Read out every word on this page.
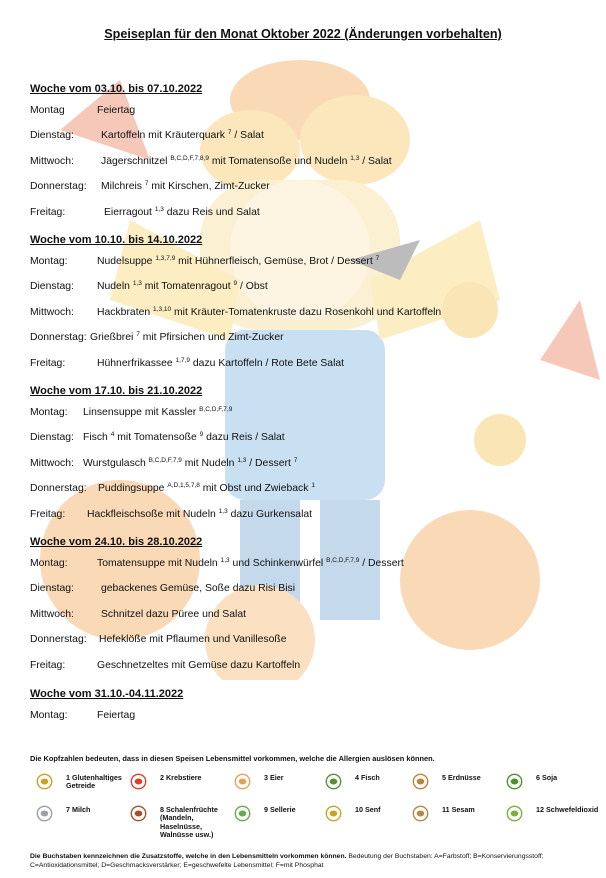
Speiseplan für den Monat Oktober 2022 (Änderungen vorbehalten)
Woche vom 03.10. bis 07.10.2022
Montag	Feiertag
Dienstag:	Kartoffeln mit Kräuterquark $^7$ / Salat
Mittwoch:	Jägerschnitzel $^{B,C,D,F,7,8,9}$ mit Tomatensoße und Nudeln $^{1,3}$ / Salat
Donnerstag: Milchreis $^7$ mit Kirschen, Zimt-Zucker
Freitag:	Eierragout $^{1,3}$ dazu Reis und Salat
Woche vom 10.10. bis 14.10.2022
Montag:	Nudelsuppe $^{1,3,7,9}$ mit Hühnerfleisch, Gemüse, Brot / Dessert $^7$
Dienstag: Nudeln $^{1,3}$ mit Tomatenragout $^9$ / Obst
Mittwoch: Hackbraten $^{1,3,10}$ mit Kräuter-Tomatenkruste dazu Rosenkohl und Kartoffeln
Donnerstag: Grießbrei $^7$ mit Pfirsichen und Zimt-Zucker
Freitag:	Hühnerfrikassee $^{1,7,9}$ dazu Kartoffeln / Rote Bete Salat
Woche vom 17.10. bis 21.10.2022
Montag: Linsensuppe mit Kassler $^{B,C,D,F,7,9}$
Dienstag: Fisch $^4$ mit Tomatensoße $^9$ dazu Reis / Salat
Mittwoch: Wurstgulasch $^{B,C,D,F,7,9}$ mit Nudeln $^{1,3}$ / Dessert $^7$
Donnerstag: Puddingsuppe $^{A,D,1,5,7,8}$ mit Obst und Zwieback $^1$
Freitag: Hackfleischsoße mit Nudeln $^{1,3}$ dazu Gurkensalat
Woche vom 24.10. bis 28.10.2022
Montag:	Tomatensuppe mit Nudeln $^{1,3}$ und Schinkenwürfel $^{B,C,D,F,7,9}$ / Dessert
Dienstag:	gebackenes Gemüse, Soße dazu Risi Bisi
Mittwoch:	Schnitzel dazu Püree und Salat
Donnerstag: Hefeklöße mit Pflaumen und Vanillesoße
Freitag:	Geschnetzeltes mit Gemüse dazu Kartoffeln
Woche vom 31.10.-04.11.2022
Montag:	Feiertag
Die Kopfzahlen bedeuten, dass in diesen Speisen Lebensmittel vorkommen, welche die Allergien auslösen können.
1 Glutenhaltiges Getreide
2 Krebstiere	3 Eier	4 Fisch	5 Erdnüsse	6 Soja
7 Milch	8 Schalenfrüchte (Mandeln, Haselnüsse, Walnüsse usw.)
9 Sellerie	10 Senf	11 Sesam	12 Schwefeldioxid
Die Buchstaben kennzeichnen die Zusatzstoffe, welche in den Lebensmitteln vorkommen können. Bedeutung der Buchstaben: A=Farbstoff; B=Konservierungsstoff; C=Antioxidationsmittel; D=Geschmacksverstärker; E=geschwefelte Lebensmittel; F=mit Phosphat
